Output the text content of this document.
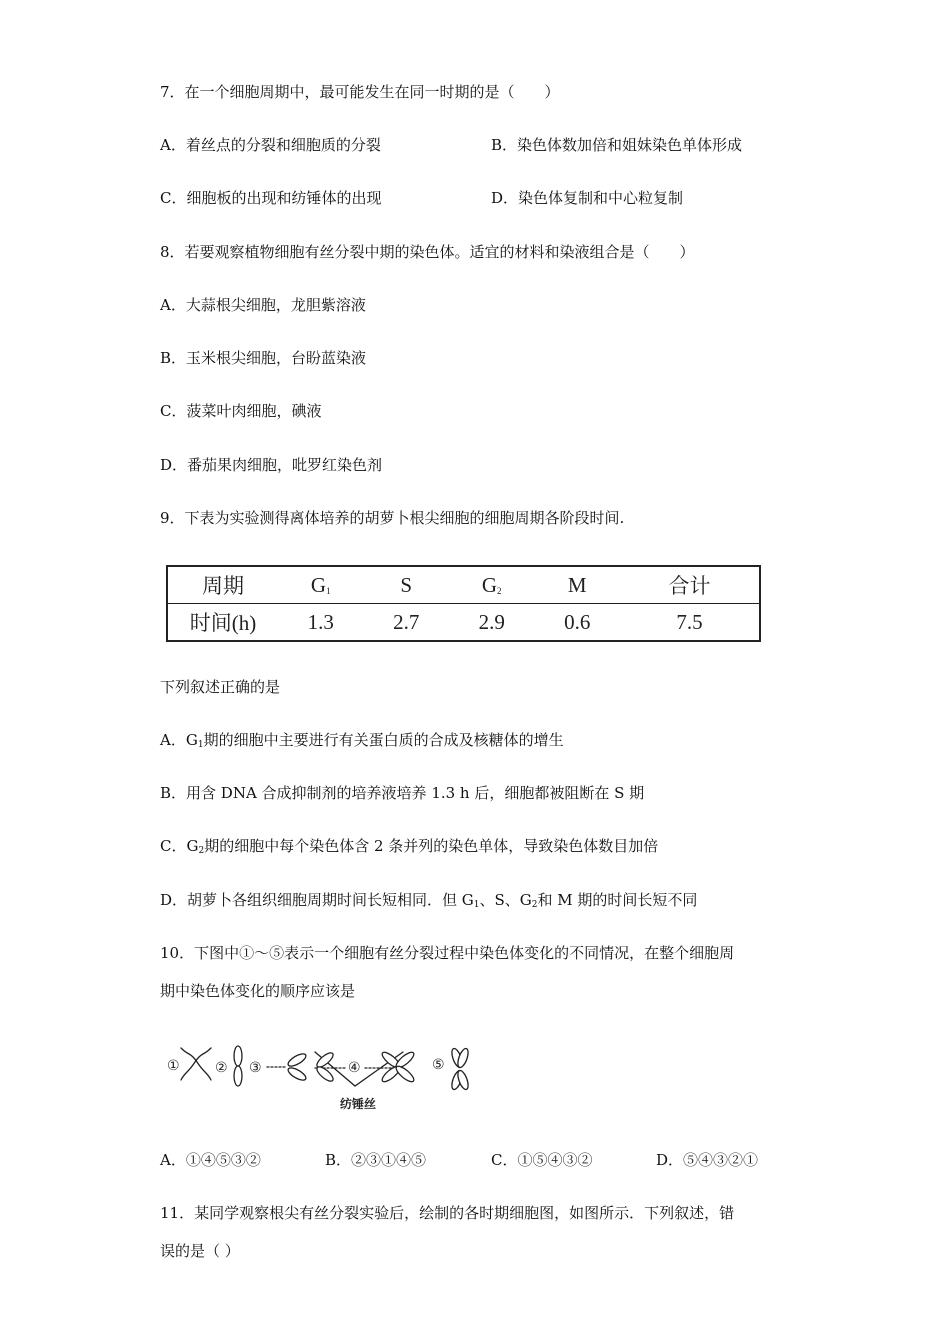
7．在一个细胞周期中，最可能发生在同一时期的是（　　）
A．着丝点的分裂和细胞质的分裂	B．染色体数加倍和姐妹染色单体形成
C．细胞板的出现和纺锤体的出现	D．染色体复制和中心粒复制
8．若要观察植物细胞有丝分裂中期的染色体。适宜的材料和染液组合是（　　）
A．大蒜根尖细胞，龙胆紫溶液
B．玉米根尖细胞，台盼蓝染液
C．菠菜叶肉细胞，碘液
D．番茄果肉细胞，吡罗红染色剂
9．下表为实验测得离体培养的胡萝卜根尖细胞的细胞周期各阶段时间.
周期	$G_1$	S	$G_2$	M	合计
时间(h)	1.3	2.7	2.9	0.6	7.5
下列叙述正确的是
A．$G_1$期的细胞中主要进行有关蛋白质的合成及核糖体的增生
B．用含 DNA 合成抑制剂的培养液培养 1.3 h 后，细胞都被阻断在 S 期
C．$G_2$期的细胞中每个染色体含 2 条并列的染色单体，导致染色体数目加倍
D．胡萝卜各组织细胞周期时间长短相同．但 $G_1$、S、$G_2$和 M 期的时间长短不同
10．下图中①～⑤表示一个细胞有丝分裂过程中染色体变化的不同情况，在整个细胞周
期中染色体变化的顺序应该是
①	② ③	④	⑤
纺锤丝
A．①④⑤③②	B．②③①④⑤	C．①⑤④③②	D．⑤④③②①
11．某同学观察根尖有丝分裂实验后，绘制的各时期细胞图，如图所示．下列叙述，错
误的是（ ）
